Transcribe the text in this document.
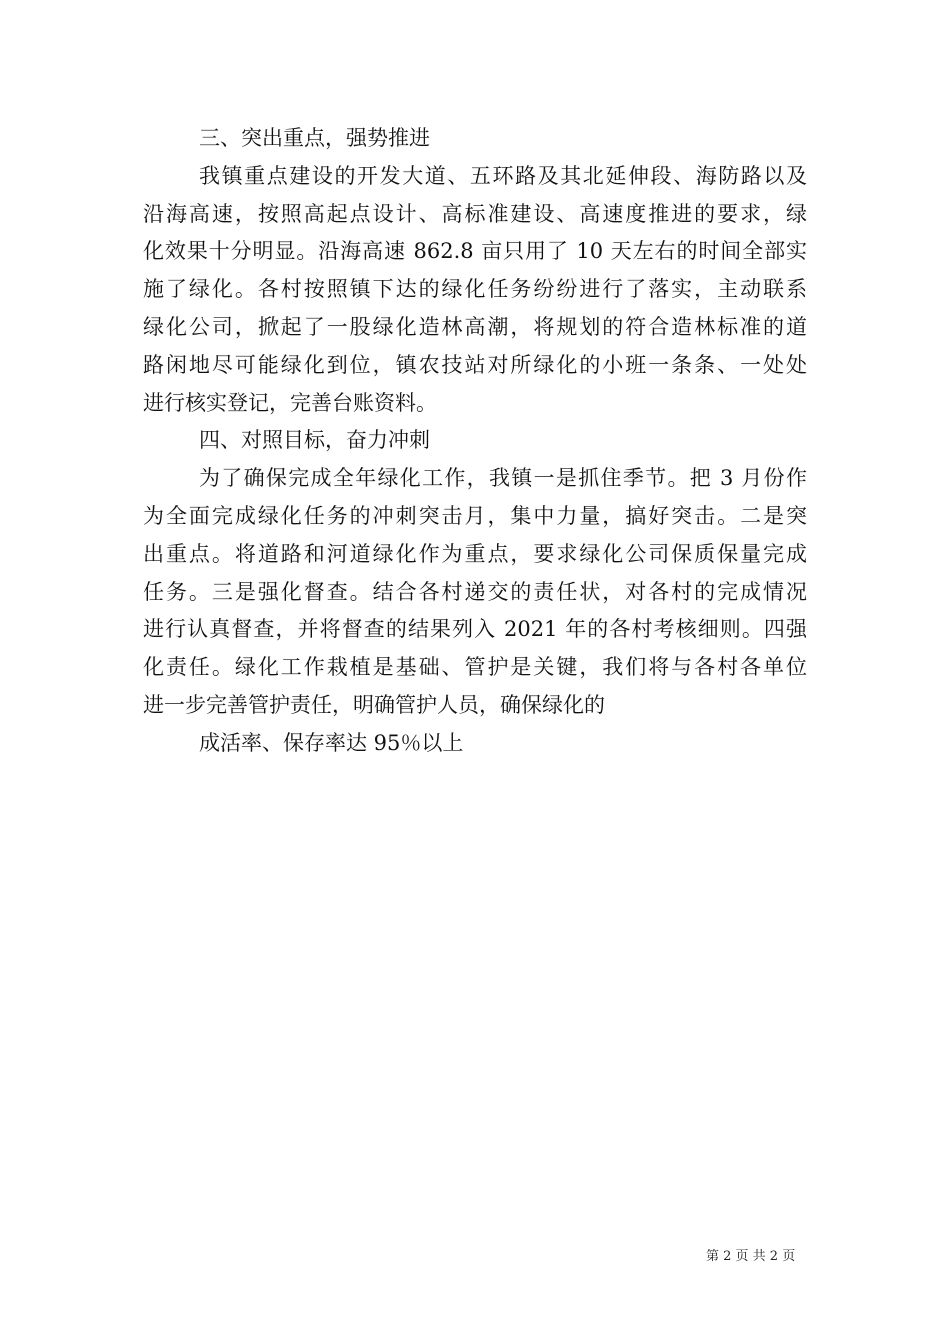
三、突出重点，强势推进
我镇重点建设的开发大道、五环路及其北延伸段、海防路以及
沿海高速，按照高起点设计、高标准建设、高速度推进的要求，绿
化效果十分明显。沿海高速 862.8 亩只用了 10 天左右的时间全部实
施了绿化。各村按照镇下达的绿化任务纷纷进行了落实，主动联系
绿化公司，掀起了一股绿化造林高潮，将规划的符合造林标准的道
路闲地尽可能绿化到位，镇农技站对所绿化的小班一条条、一处处
进行核实登记，完善台账资料。
四、对照目标，奋力冲刺
为了确保完成全年绿化工作，我镇一是抓住季节。把 3 月份作
为全面完成绿化任务的冲刺突击月，集中力量，搞好突击。二是突
出重点。将道路和河道绿化作为重点，要求绿化公司保质保量完成
任务。三是强化督查。结合各村递交的责任状，对各村的完成情况
进行认真督查，并将督查的结果列入 2021 年的各村考核细则。四强
化责任。绿化工作栽植是基础、管护是关键，我们将与各村各单位
进一步完善管护责任，明确管护人员，确保绿化的
成活率、保存率达 95％以上
第 2 页 共 2 页
